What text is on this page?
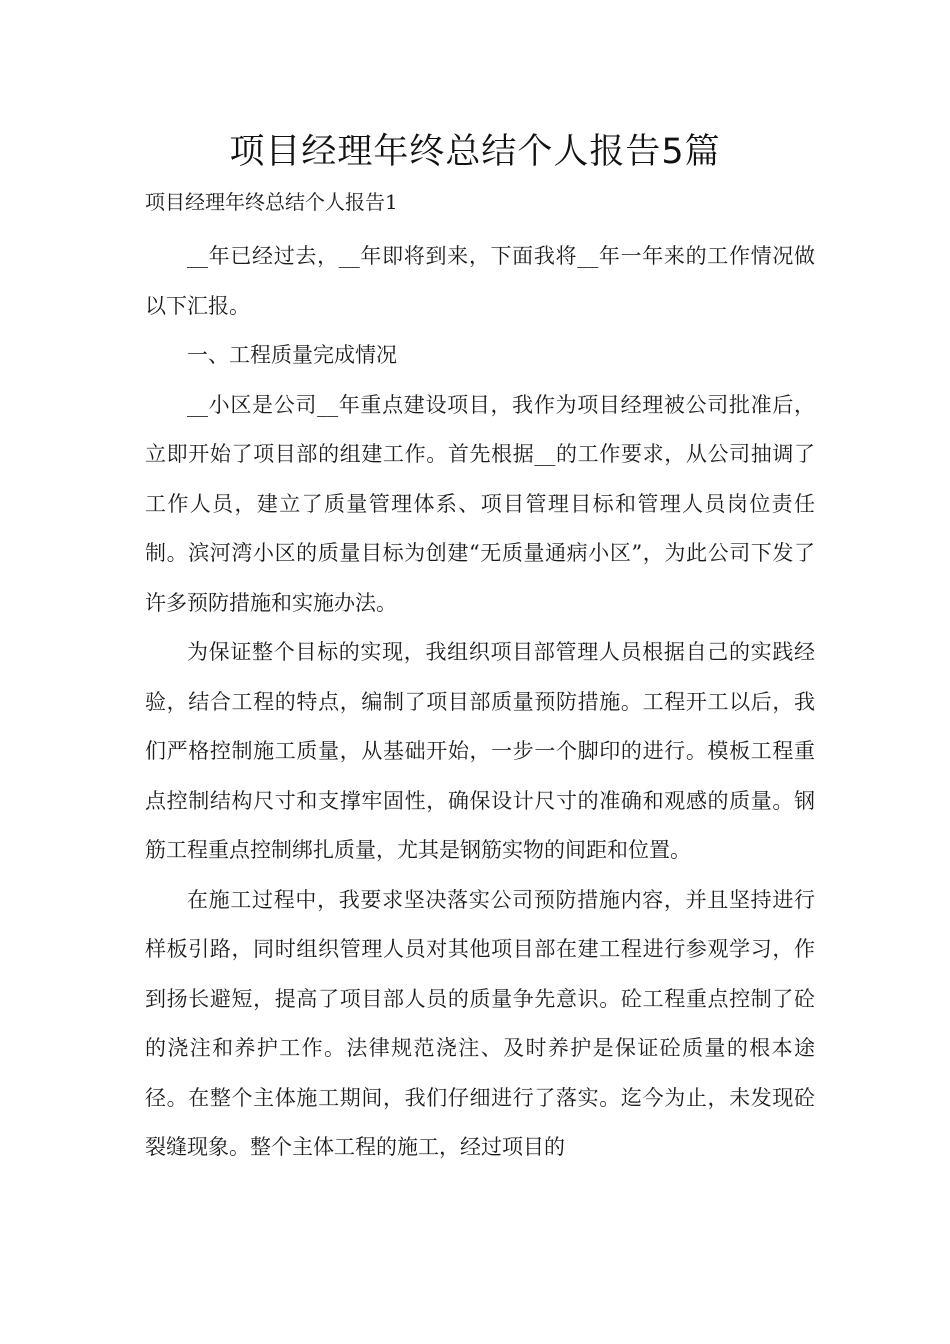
项目经理年终总结个人报告5篇
项目经理年终总结个人报告1

__年已经过去，__年即将到来，下面我将__年一年来的工作情况做以下汇报。

一、工程质量完成情况

__小区是公司__年重点建设项目，我作为项目经理被公司批准后，立即开始了项目部的组建工作。首先根据__的工作要求，从公司抽调了工作人员，建立了质量管理体系、项目管理目标和管理人员岗位责任制。滨河湾小区的质量目标为创建“无质量通病小区”，为此公司下发了许多预防措施和实施办法。

为保证整个目标的实现，我组织项目部管理人员根据自己的实践经验，结合工程的特点，编制了项目部质量预防措施。工程开工以后，我们严格控制施工质量，从基础开始，一步一个脚印的进行。模板工程重点控制结构尺寸和支撑牢固性，确保设计尺寸的准确和观感的质量。钢筋工程重点控制绑扎质量，尤其是钢筋实物的间距和位置。

在施工过程中，我要求坚决落实公司预防措施内容，并且坚持进行样板引路，同时组织管理人员对其他项目部在建工程进行参观学习，作到扬长避短，提高了项目部人员的质量争先意识。砼工程重点控制了砼的浇注和养护工作。法律规范浇注、及时养护是保证砼质量的根本途径。在整个主体施工期间，我们仔细进行了落实。迄今为止，未发现砼裂缝现象。整个主体工程的施工，经过项目的
